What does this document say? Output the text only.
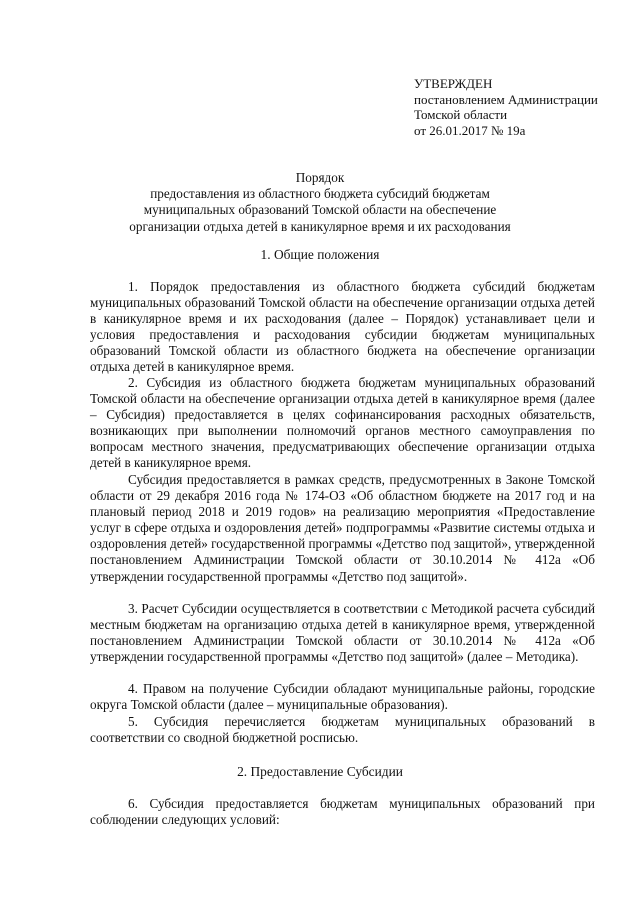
УТВЕРЖДЕН
постановлением Администрации
Томской области
от 26.01.2017 № 19а
Порядок
предоставления из областного бюджета субсидий бюджетам
муниципальных образований Томской области на обеспечение
организации отдыха детей в каникулярное время и их расходования
1. Общие положения

1. Порядок предоставления из областного бюджета субсидий бюджетам муниципальных образований Томской области на обеспечение организации отдыха детей в каникулярное время и их расходования (далее – Порядок) устанавливает цели и условия предоставления и расходования субсидии бюджетам муниципальных образований Томской области из областного бюджета на обеспечение организации отдыха детей в каникулярное время.

2. Субсидия из областного бюджета бюджетам муниципальных образований Томской области на обеспечение организации отдыха детей в каникулярное время (далее – Субсидия) предоставляется в целях софинансирования расходных обязательств, возникающих при выполнении полномочий органов местного самоуправления по вопросам местного значения, предусматривающих обеспечение организации отдыха детей в каникулярное время.

Субсидия предоставляется в рамках средств, предусмотренных в Законе Томской области от 29 декабря 2016 года № 174-ОЗ «Об областном бюджете на 2017 год и на плановый период 2018 и 2019 годов» на реализацию мероприятия «Предоставление услуг в сфере отдыха и оздоровления детей» подпрограммы «Развитие системы отдыха и оздоровления детей» государственной программы «Детство под защитой», утвержденной постановлением Администрации Томской области от 30.10.2014 № 412а «Об утверждении государственной программы «Детство под защитой».

3. Расчет Субсидии осуществляется в соответствии с Методикой расчета субсидий местным бюджетам на организацию отдыха детей в каникулярное время, утвержденной постановлением Администрации Томской области от 30.10.2014 № 412а «Об утверждении государственной программы «Детство под защитой» (далее – Методика).

4. Правом на получение Субсидии обладают муниципальные районы, городские округа Томской области (далее – муниципальные образования).

5. Субсидия перечисляется бюджетам муниципальных образований в соответствии со сводной бюджетной росписью.

2. Предоставление Субсидии

6. Субсидия предоставляется бюджетам муниципальных образований при соблюдении следующих условий:
